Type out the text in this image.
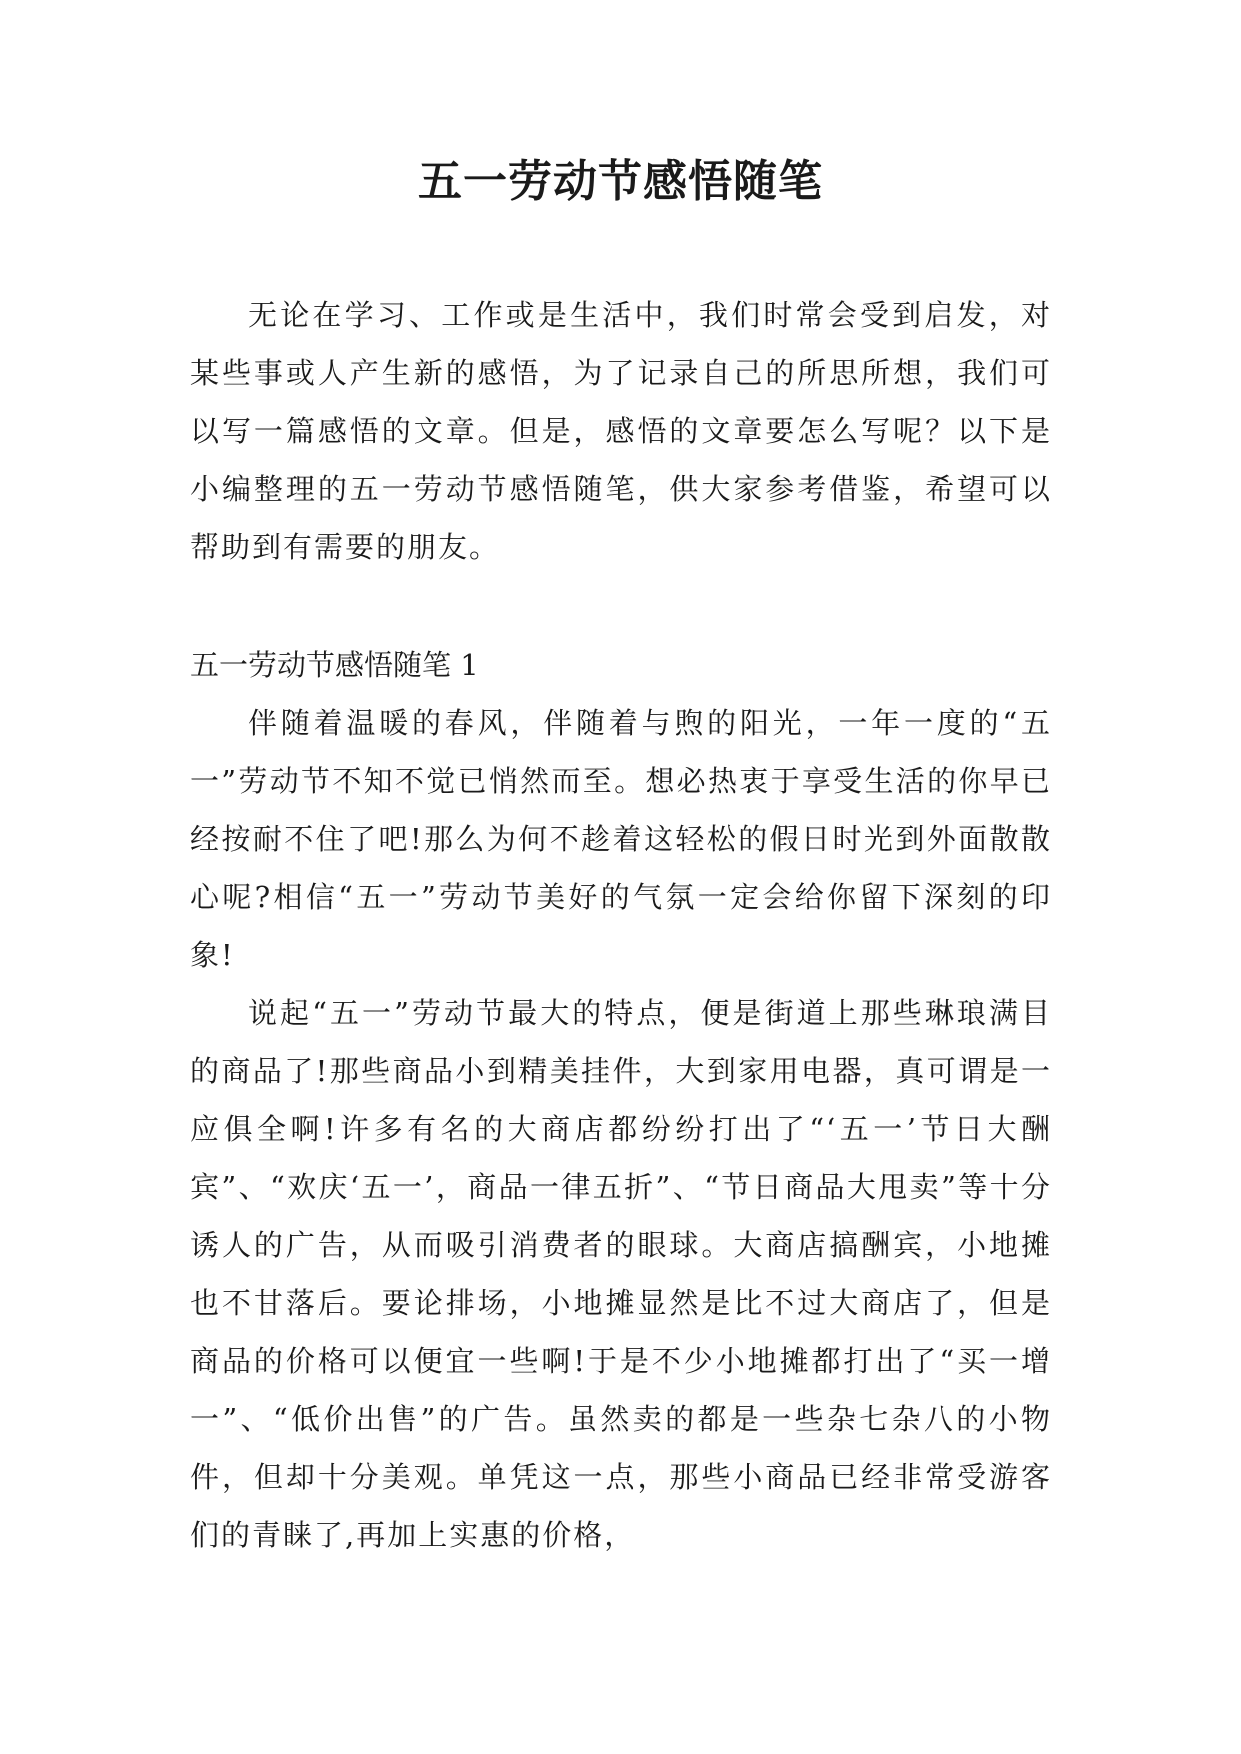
五一劳动节感悟随笔

无论在学习、工作或是生活中，我们时常会受到启发，对某些事或人产生新的感悟，为了记录自己的所思所想，我们可以写一篇感悟的文章。但是，感悟的文章要怎么写呢？以下是小编整理的五一劳动节感悟随笔，供大家参考借鉴，希望可以帮助到有需要的朋友。

五一劳动节感悟随笔 1

伴随着温暖的春风，伴随着与煦的阳光，一年一度的“五一”劳动节不知不觉已悄然而至。想必热衷于享受生活的你早已经按耐不住了吧!那么为何不趁着这轻松的假日时光到外面散散心呢?相信“五一”劳动节美好的气氛一定会给你留下深刻的印象!

说起“五一”劳动节最大的特点，便是街道上那些琳琅满目的商品了!那些商品小到精美挂件，大到家用电器，真可谓是一应俱全啊!许多有名的大商店都纷纷打出了“‘五一’节日大酬宾”、“欢庆‘五一’，商品一律五折”、“节日商品大甩卖”等十分诱人的广告，从而吸引消费者的眼球。大商店搞酬宾，小地摊也不甘落后。要论排场，小地摊显然是比不过大商店了，但是商品的价格可以便宜一些啊!于是不少小地摊都打出了“买一增一”、“低价出售”的广告。虽然卖的都是一些杂七杂八的小物件，但却十分美观。单凭这一点，那些小商品已经非常受游客们的青睐了,再加上实惠的价格，
